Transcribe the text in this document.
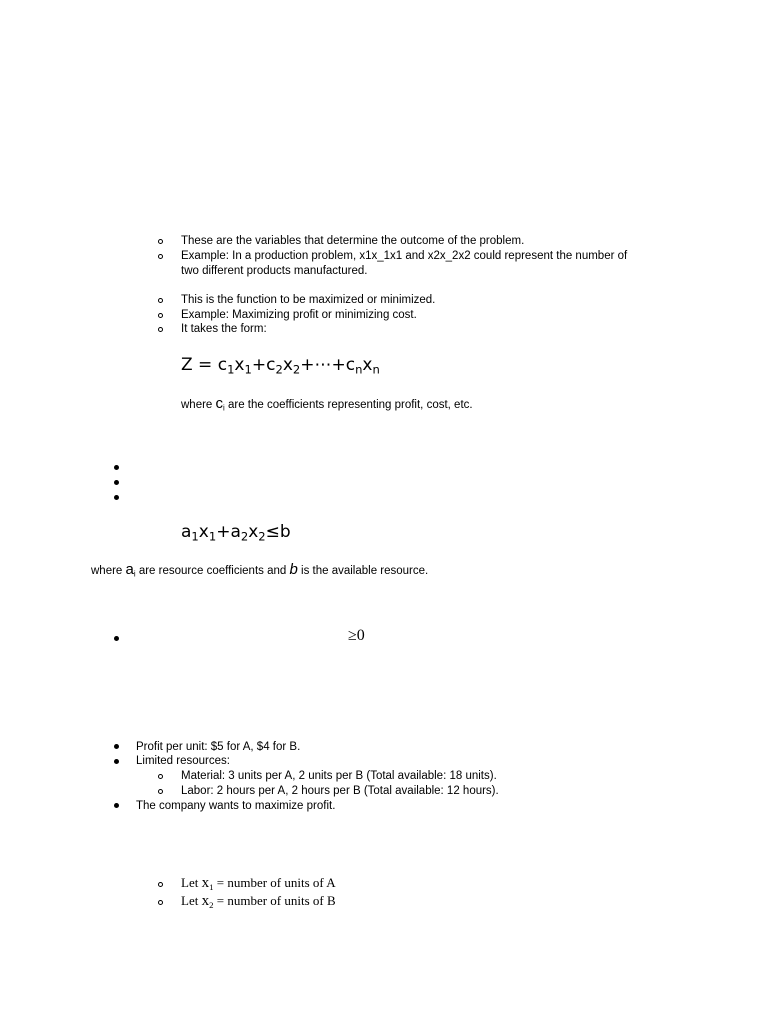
These are the variables that determine the outcome of the problem.
Example: In a production problem, x1x_1x1 and x2x_2x2 could represent the number of
two different products manufactured.
This is the function to be maximized or minimized.
Example: Maximizing profit or minimizing cost.
It takes the form:
$Z = c_1x_1+c_2x_2+\cdots+c_nx_n$
where $c_i$ are the coefficients representing profit, cost, etc.
$a_1x_1+a_2x_2\le b$
where $a_i$ are resource coefficients and b is the available resource.
≥0
Profit per unit: $5 for A, $4 for B.
Limited resources:
Material: 3 units per A, 2 units per B (Total available: 18 units).
Labor: 2 hours per A, 2 hours per B (Total available: 12 hours).
The company wants to maximize profit.
Let $x_1$ = number of units of A
Let $x_2$ = number of units of B
